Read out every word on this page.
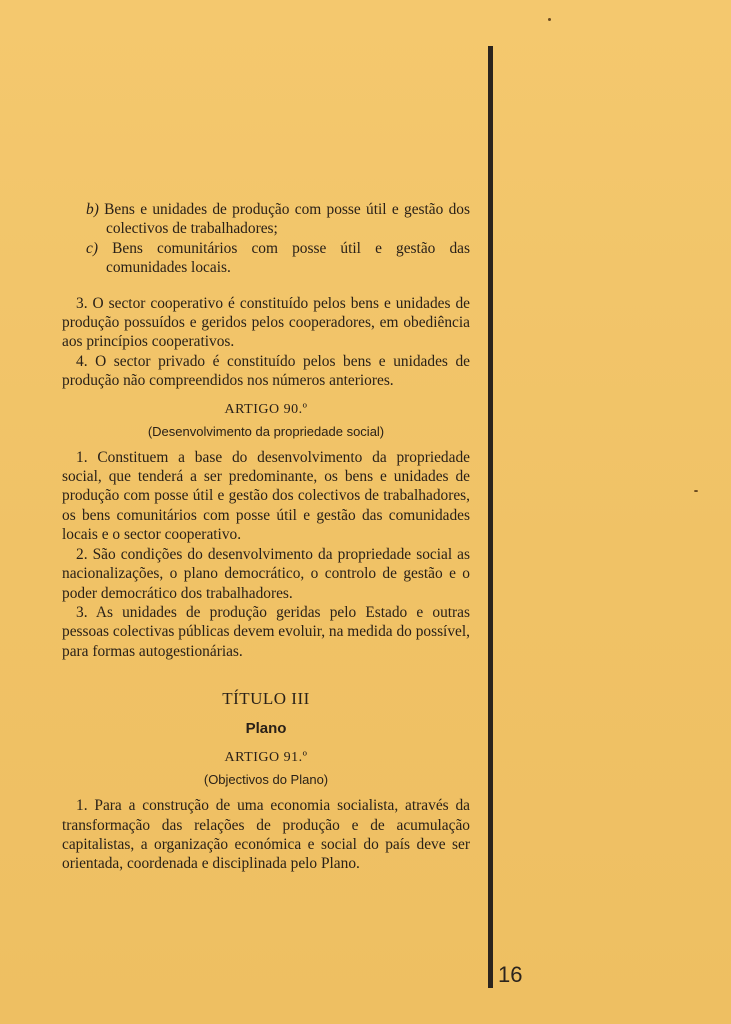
b) Bens e unidades de produção com posse útil e gestão dos colectivos de trabalhadores;

c) Bens comunitários com posse útil e gestão das comunidades locais.

3. O sector cooperativo é constituído pelos bens e unidades de produção possuídos e geridos pelos cooperadores, em obediência aos princípios cooperativos.

4. O sector privado é constituído pelos bens e unidades de produção não compreendidos nos números anteriores.

ARTIGO 90.º
(Desenvolvimento da propriedade social)

1. Constituem a base do desenvolvimento da propriedade social, que tenderá a ser predominante, os bens e unidades de produção com posse útil e gestão dos colectivos de trabalhadores, os bens comunitários com posse útil e gestão das comunidades locais e o sector cooperativo.

2. São condições do desenvolvimento da propriedade social as nacionalizações, o plano democrático, o controlo de gestão e o poder democrático dos trabalhadores.

3. As unidades de produção geridas pelo Estado e outras pessoas colectivas públicas devem evoluir, na medida do possível, para formas autogestionárias.

TÍTULO III
Plano
ARTIGO 91.º
(Objectivos do Plano)

1. Para a construção de uma economia socialista, através da transformação das relações de produção e de acumulação capitalistas, a organização económica e social do país deve ser orientada, coordenada e disciplinada pelo Plano.

16
